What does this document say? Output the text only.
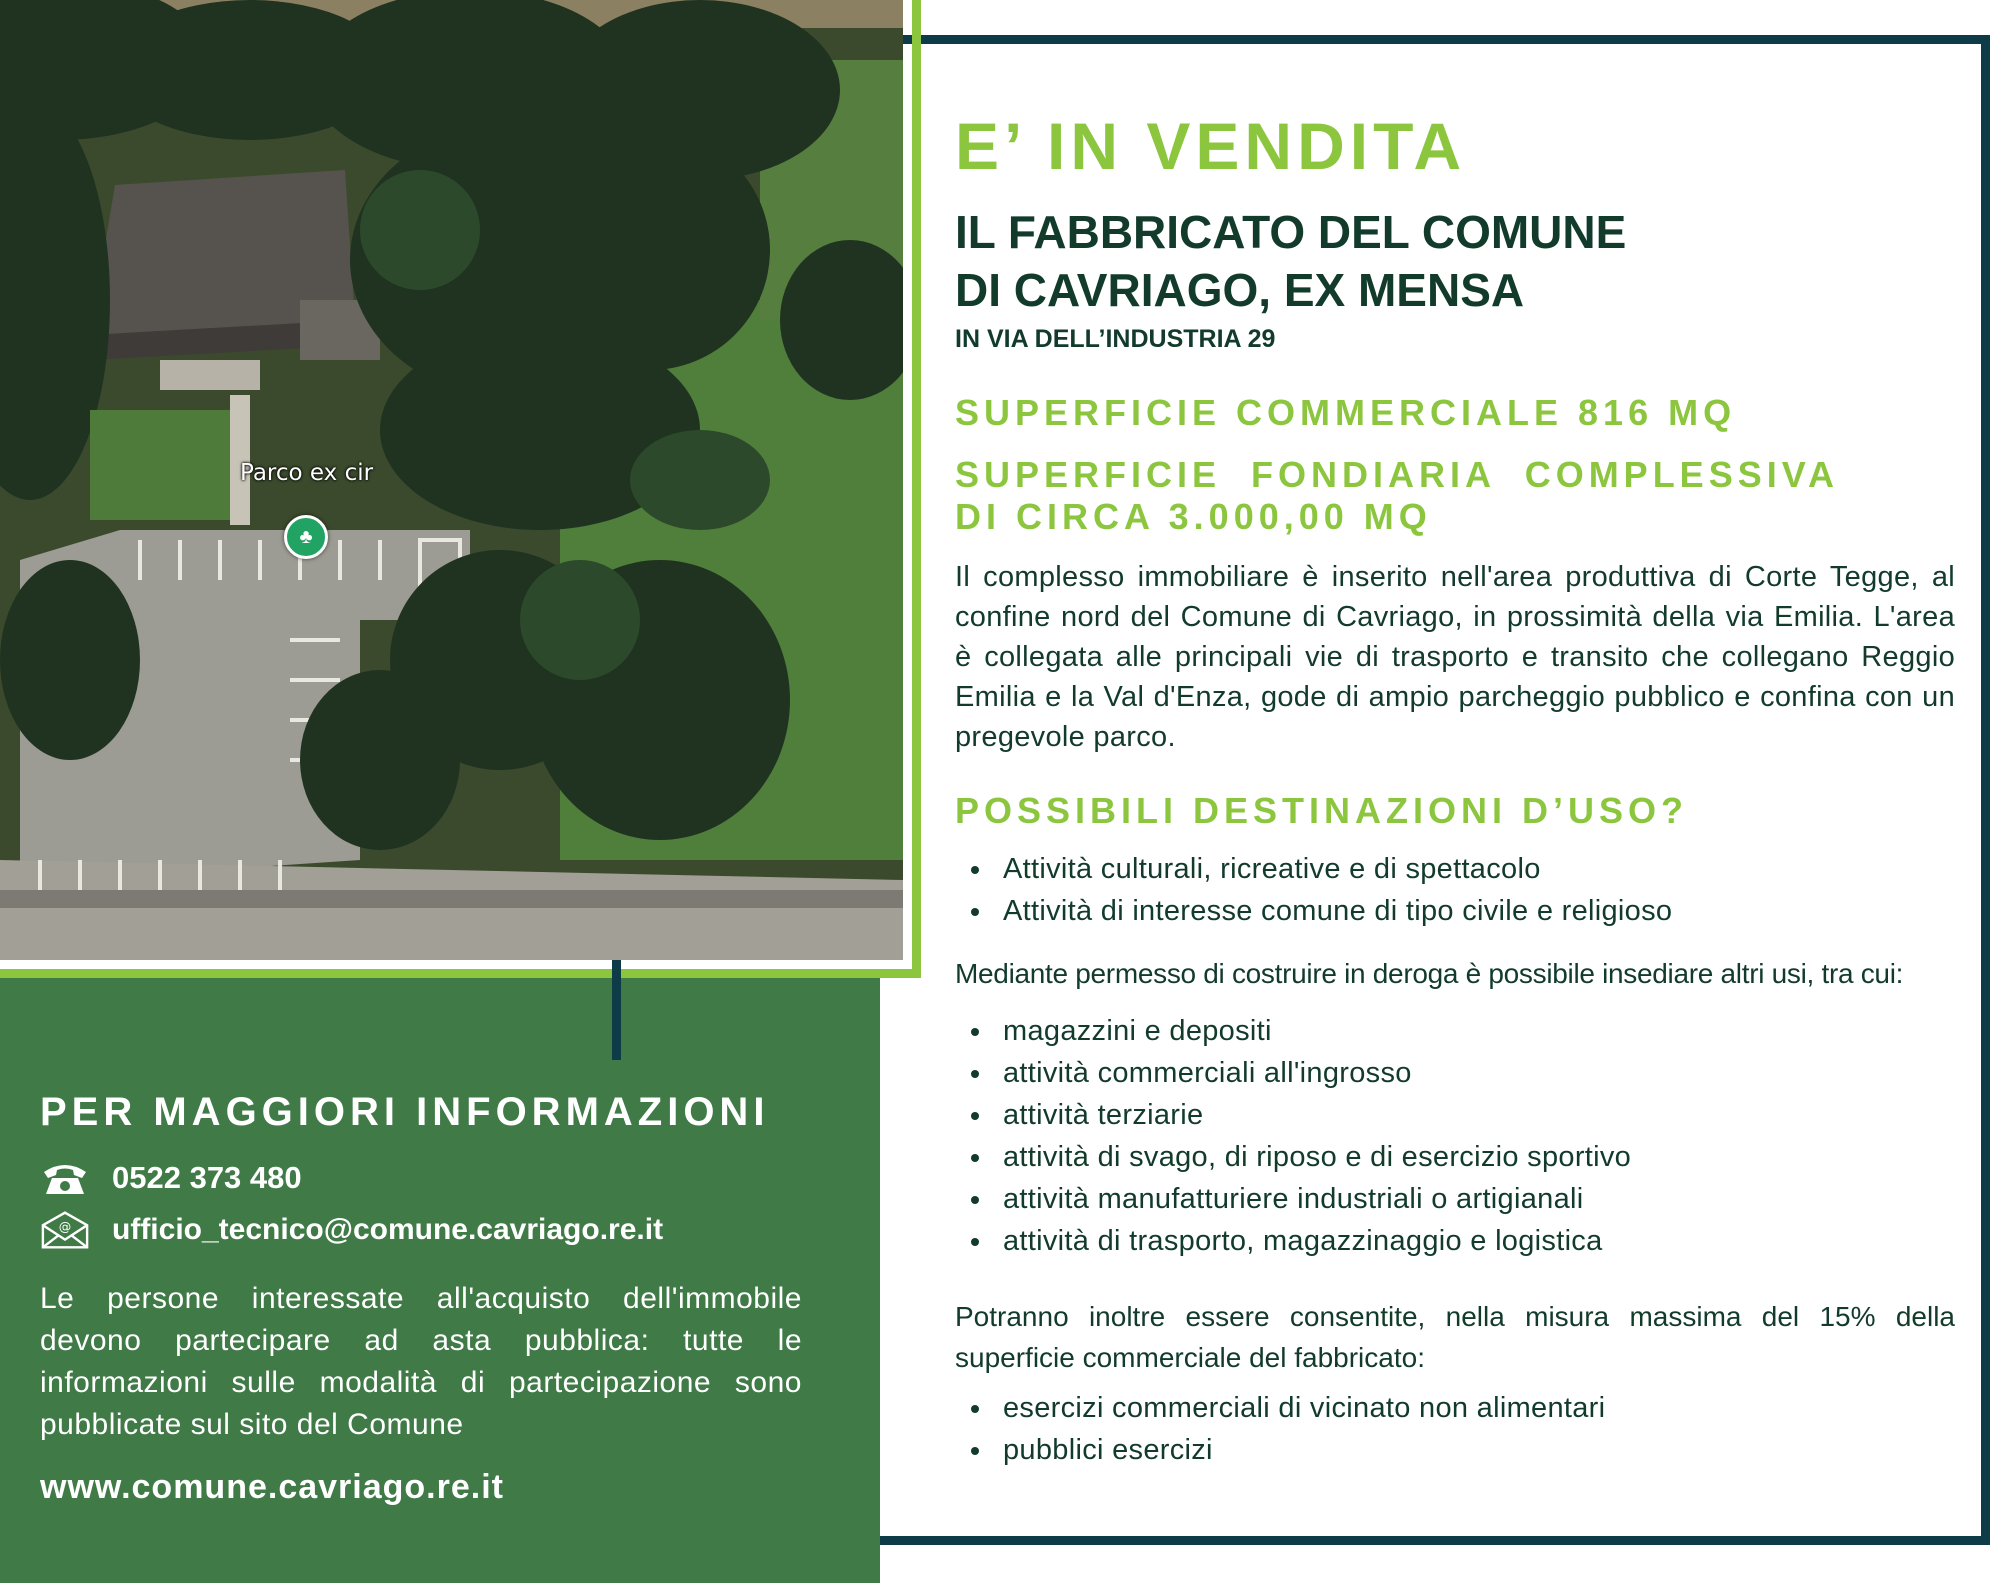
Parco ex cir
♣
PER MAGGIORI INFORMAZIONI
0522 373 480
@ ufficio_tecnico@comune.cavriago.re.it
Le persone interessate all'acquisto dell'immobile devono partecipare ad asta pubblica: tutte le informazioni sulle modalità di partecipazione sono pubblicate sul sito del Comune
www.comune.cavriago.re.it
E’ IN VENDITA
IL FABBRICATO DEL COMUNE
DI CAVRIAGO, EX MENSA
IN VIA DELL’INDUSTRIA 29
SUPERFICIE COMMERCIALE 816 MQ
SUPERFICIE  FONDIARIA  COMPLESSIVA
DI CIRCA 3.000,00 MQ
Il complesso immobiliare è inserito nell'area produttiva di Corte Tegge, al confine nord del Comune di Cavriago, in prossimità della via Emilia. L'area è collegata alle principali vie di trasporto e transito che collegano Reggio Emilia e la Val d'Enza, gode di ampio parcheggio pubblico e confina con un pregevole parco.
POSSIBILI DESTINAZIONI D’USO?
Attività culturali, ricreative e di spettacolo
Attività di interesse comune di tipo civile e religioso
Mediante permesso di costruire in deroga è possibile insediare altri usi, tra cui:
magazzini e depositi
attività commerciali all'ingrosso
attività terziarie
attività di svago, di riposo e di esercizio sportivo
attività manufatturiere industriali o artigianali
attività di trasporto, magazzinaggio e logistica
Potranno inoltre essere consentite, nella misura massima del 15% della superficie commerciale del fabbricato:
esercizi commerciali di vicinato non alimentari
pubblici esercizi
